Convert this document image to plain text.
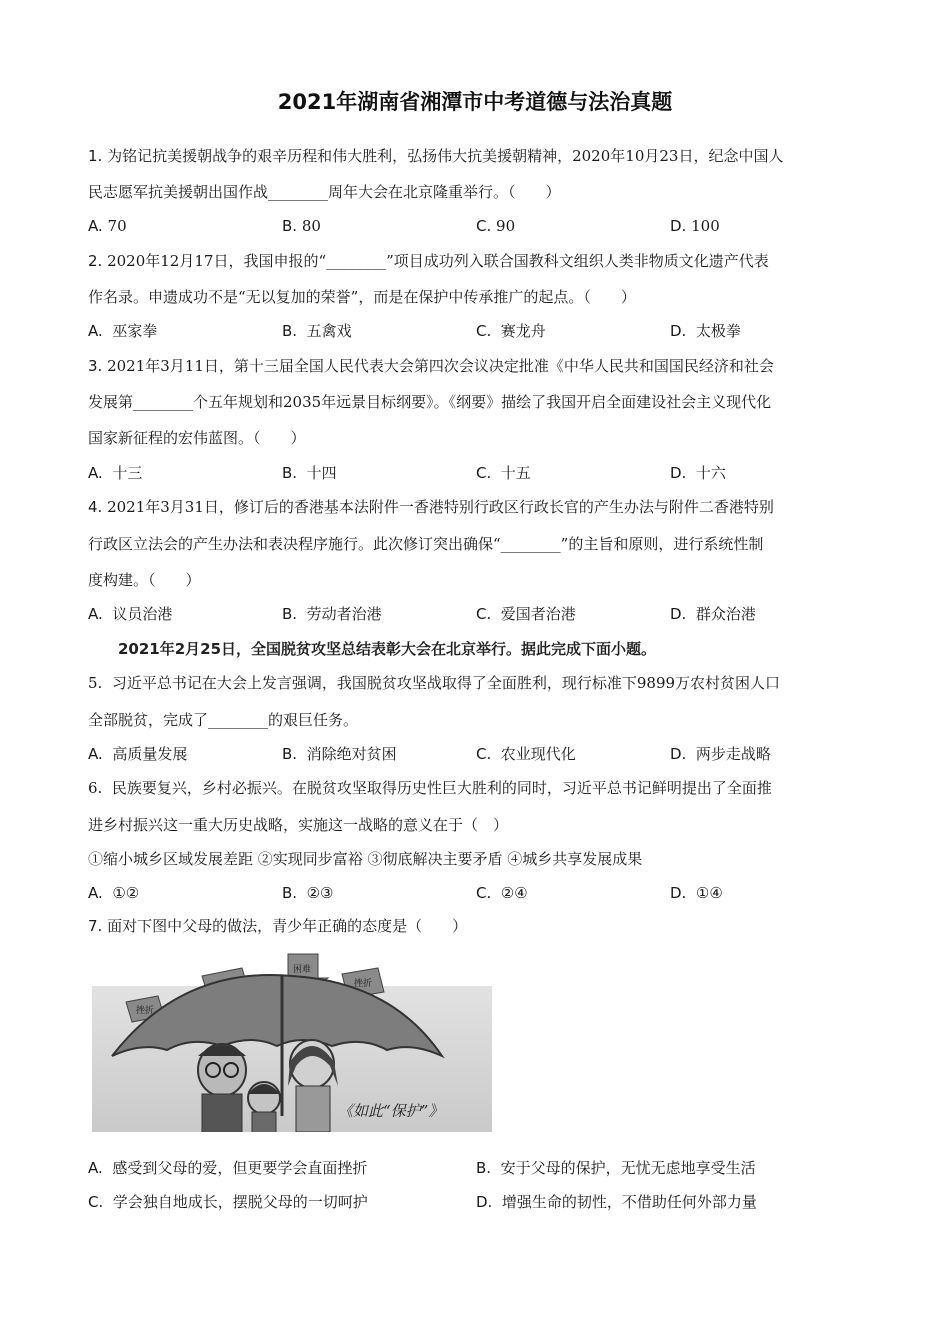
2021年湖南省湘潭市中考道德与法治真题
1. 为铭记抗美援朝战争的艰辛历程和伟大胜利，弘扬伟大抗美援朝精神，2020年10月23日，纪念中国人
民志愿军抗美援朝出国作战________周年大会在北京隆重举行。（　　）
A. 70	B. 80	C. 90	D. 100
2. 2020年12月17日，我国申报的“________”项目成功列入联合国教科文组织人类非物质文化遗产代表
作名录。申遗成功不是“无以复加的荣誉”，而是在保护中传承推广的起点。（　　）
A. 巫家拳	B. 五禽戏	C. 赛龙舟	D. 太极拳
3. 2021年3月11日，第十三届全国人民代表大会第四次会议决定批准《中华人民共和国国民经济和社会
发展第________个五年规划和2035年远景目标纲要》。《纲要》描绘了我国开启全面建设社会主义现代化
国家新征程的宏伟蓝图。（　　）
A. 十三	B. 十四	C. 十五	D. 十六
4. 2021年3月31日，修订后的香港基本法附件一香港特别行政区行政长官的产生办法与附件二香港特别
行政区立法会的产生办法和表决程序施行。此次修订突出确保“________”的主旨和原则，进行系统性制
度构建。（　　）
A. 议员治港	B. 劳动者治港	C. 爱国者治港	D. 群众治港
2021年2月25日，全国脱贫攻坚总结表彰大会在北京举行。据此完成下面小题。
5. 习近平总书记在大会上发言强调，我国脱贫攻坚战取得了全面胜利，现行标准下9899万农村贫困人口
全部脱贫，完成了________的艰巨任务。
A. 高质量发展	B. 消除绝对贫困	C. 农业现代化	D. 两步走战略
6. 民族要复兴，乡村必振兴。在脱贫攻坚取得历史性巨大胜利的同时，习近平总书记鲜明提出了全面推
进乡村振兴这一重大历史战略，实施这一战略的意义在于（　）
①缩小城乡区域发展差距 ②实现同步富裕 ③彻底解决主要矛盾 ④城乡共享发展成果
A. ①②	B. ②③	C. ②④	D. ①④
7. 面对下图中父母的做法，青少年正确的态度是（　　）
困难
挫折
挫折
《如此“保护”》
A. 感受到父母的爱，但更要学会直面挫折	B. 安于父母的保护，无忧无虑地享受生活
C. 学会独自地成长，摆脱父母的一切呵护	D. 增强生命的韧性，不借助任何外部力量
